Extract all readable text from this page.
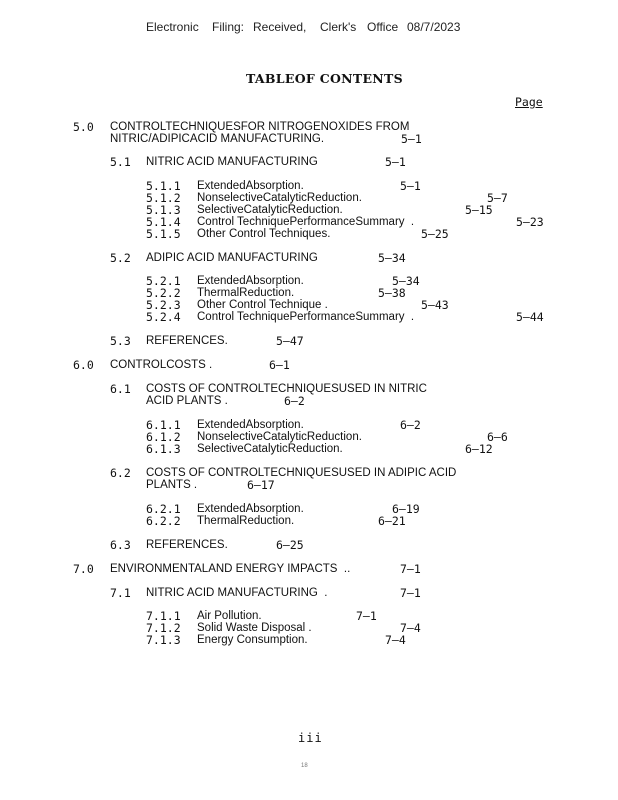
Electronic Filing: Received, Clerk's Office 08/7/2023
TABLEOF CONTENTS
Page
5.0 CONTROLTECHNIQUESFOR NITROGENOXIDES FROM
NITRIC/ADIPICACID MANUFACTURING.	5–1
5.1 NITRIC ACID MANUFACTURING	5–1
5.1.1 ExtendedAbsorption.	5–1
5.1.2 NonselectiveCatalyticReduction.	5–7
5.1.3 SelectiveCatalyticReduction.	5–15
5.1.4 Control TechniquePerformanceSummary  .	5–23
5.1.5 Other Control Techniques.	5–25
5.2 ADIPIC ACID MANUFACTURING	5–34
5.2.1 ExtendedAbsorption.	5–34
5.2.2 ThermalReduction.	5–38
5.2.3 Other Control Technique .	5–43
5.2.4 Control TechniquePerformanceSummary  .	5–44
5.3 REFERENCES.	5–47
6.0 CONTROLCOSTS .	6–1
6.1 COSTS OF CONTROLTECHNIQUESUSED IN NITRIC
ACID PLANTS .	6–2
6.1.1 ExtendedAbsorption.	6–2
6.1.2 NonselectiveCatalyticReduction.	6–6
6.1.3 SelectiveCatalyticReduction.	6–12
6.2 COSTS OF CONTROLTECHNIQUESUSED IN ADIPIC ACID
PLANTS .	6–17
6.2.1 ExtendedAbsorption.	6–19
6.2.2 ThermalReduction.	6–21
6.3 REFERENCES.	6–25
7.0 ENVIRONMENTALAND ENERGY IMPACTS  ..	7–1
7.1 NITRIC ACID MANUFACTURING  .	7–1
7.1.1 Air Pollution.	7–1
7.1.2 Solid Waste Disposal .	7–4
7.1.3 Energy Consumption.	7–4
iii
18
